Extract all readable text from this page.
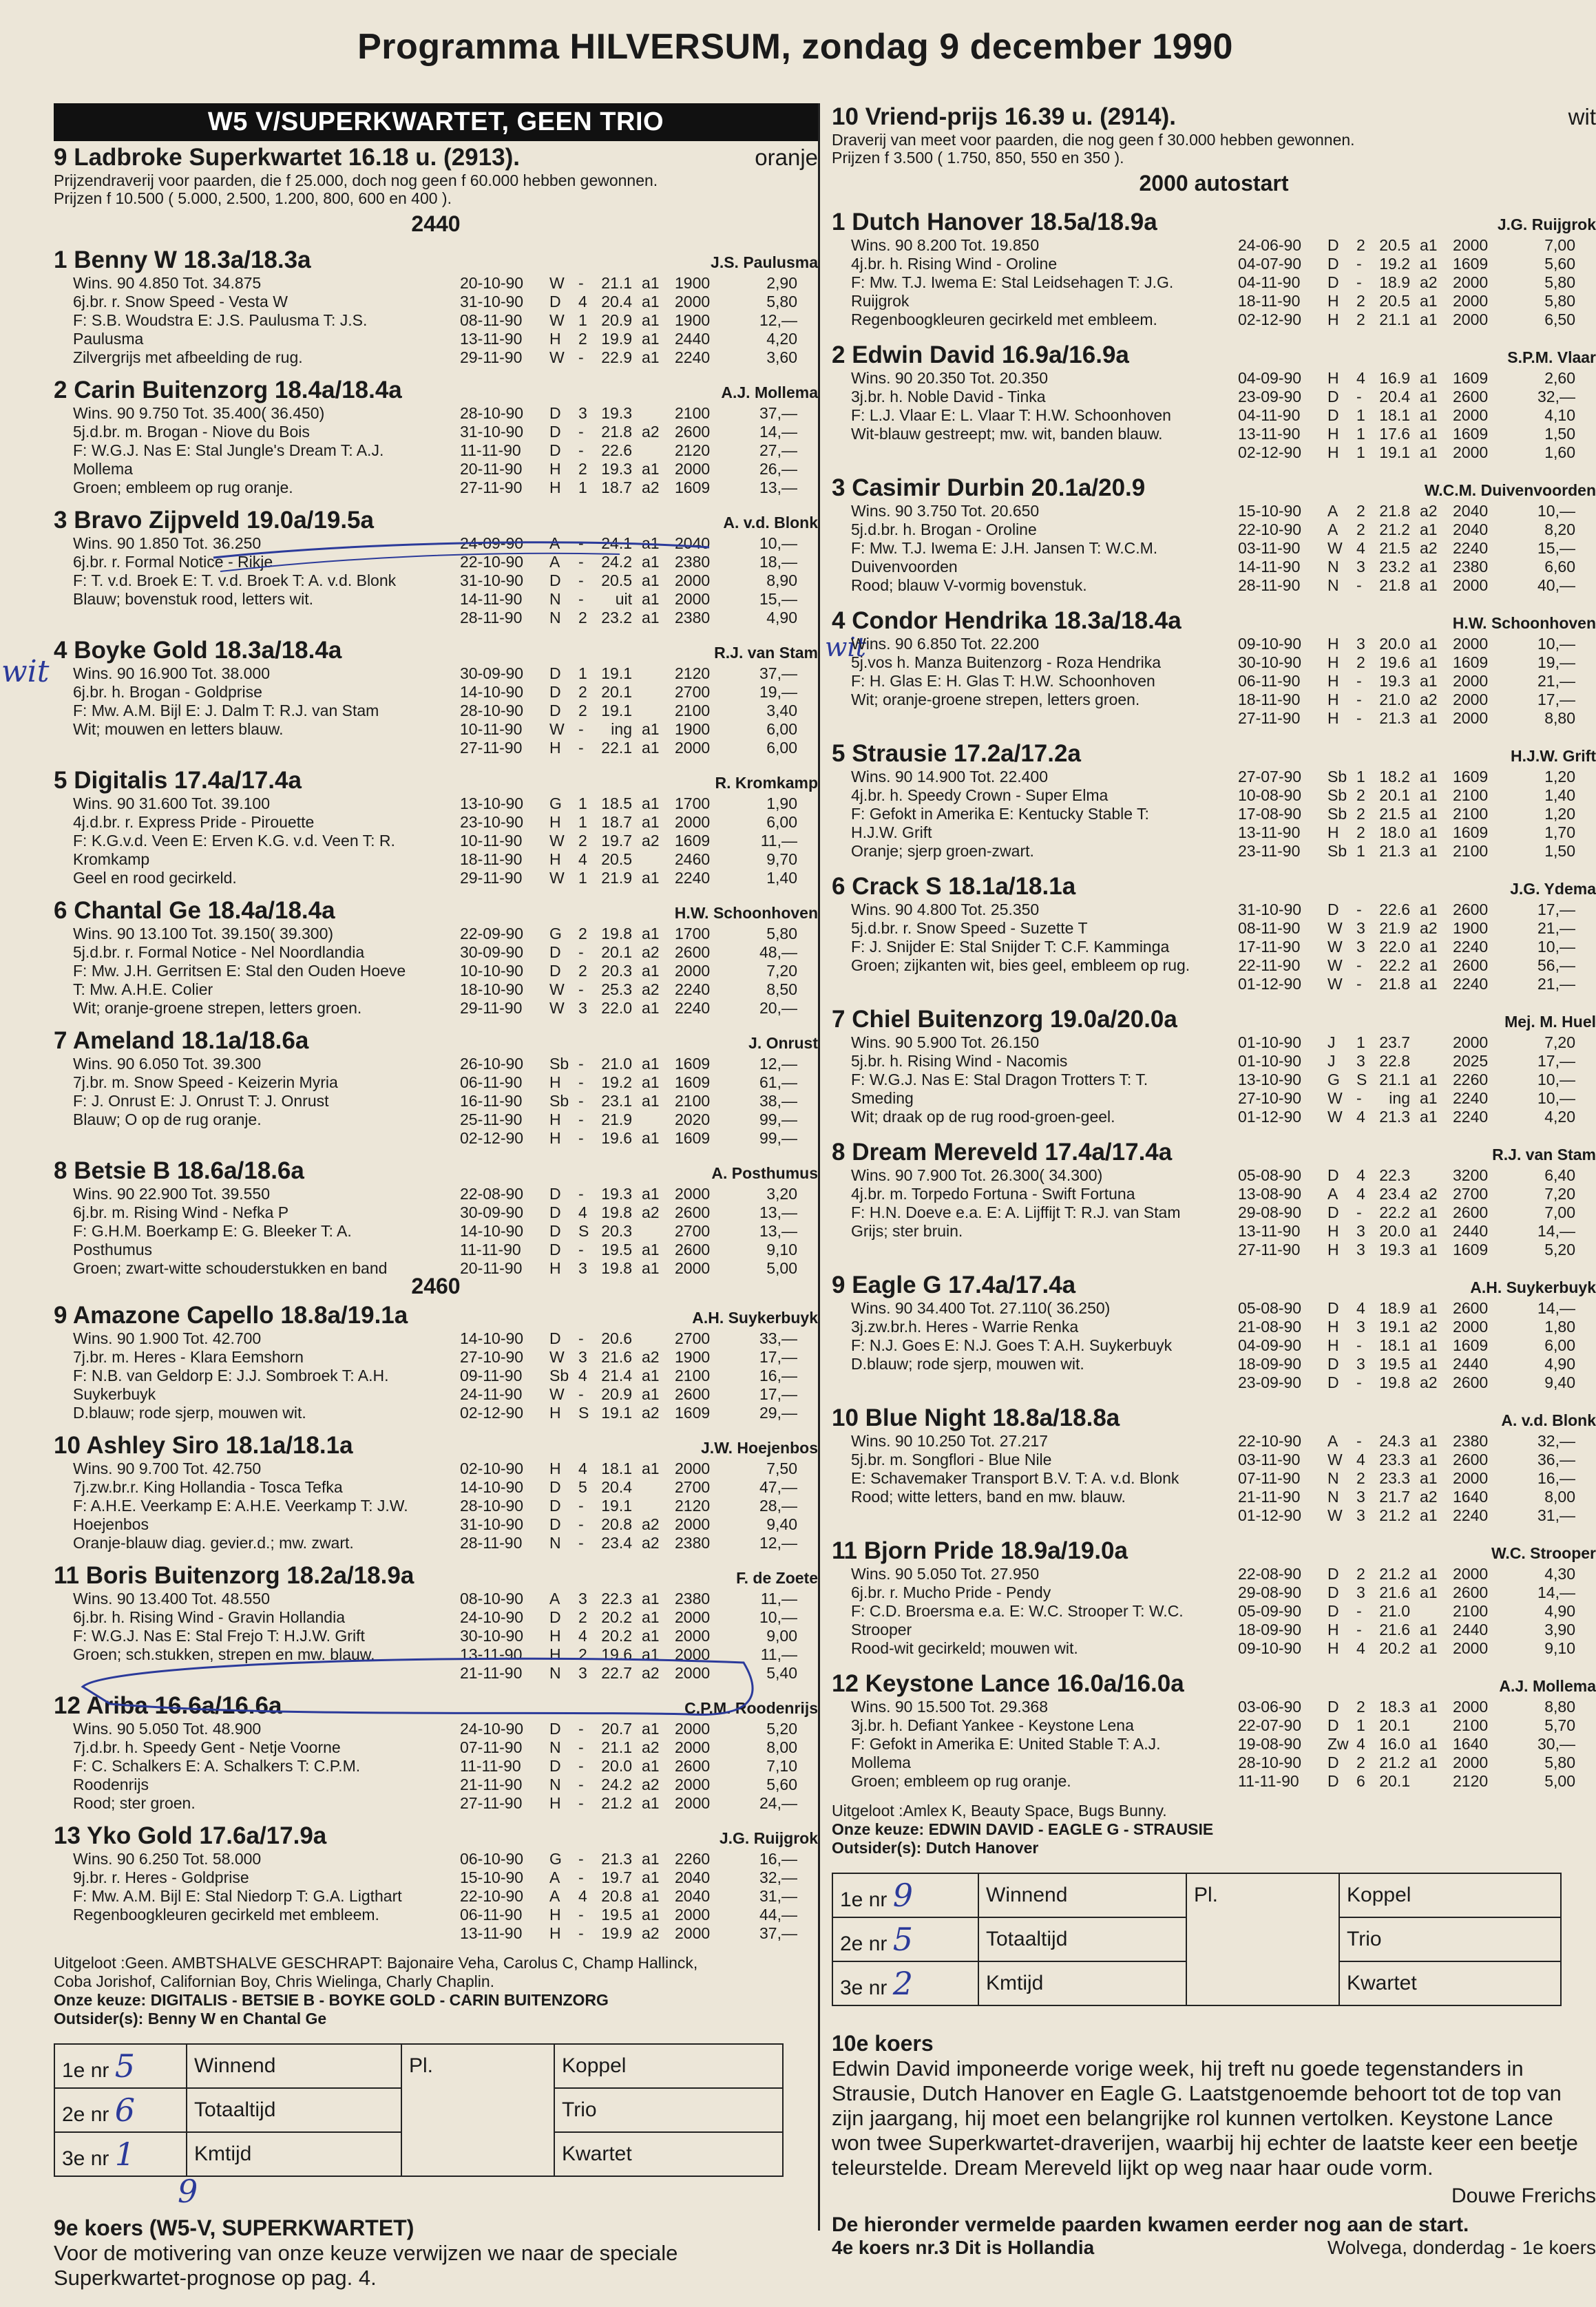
Programma HILVERSUM, zondag 9 december 1990
wit
wit
W5 V/SUPERKWARTET, GEEN TRIO
9 Ladbroke Superkwartet 16.18 u. (2913).	oranje
Prijzendraverij voor paarden, die f 25.000, doch nog geen f 60.000 hebben gewonnen.
Prijzen f 10.500 ( 5.000, 2.500, 1.200, 800, 600 en 400 ).
2440
1 Benny W 18.3a/18.3a	J.S. Paulusma
Wins. 90 4.850 Tot. 34.875
6j.br. r. Snow Speed - Vesta W
F: S.B. Woudstra E: J.S. Paulusma T: J.S.
Paulusma
Zilvergrijs met afbeelding de rug.
20-10-90	W -	21.1 a1 1900	2,90
31-10-90	D	4 20.4 a1 2000	5,80
08-11-90	W 1 20.9 a1 1900	12,—
13-11-90	H	2 19.9 a1 2440	4,20
29-11-90	W -	22.9 a1 2240	3,60
2 Carin Buitenzorg 18.4a/18.4a	A.J. Mollema
Wins. 90 9.750 Tot. 35.400( 36.450)
5j.d.br. m. Brogan - Niove du Bois
F: W.G.J. Nas E: Stal Jungle's Dream T: A.J.
Mollema
Groen; embleem op rug oranje.
28-10-90	D	3 19.3	2100	37,—
31-10-90	D	-	21.8 a2 2600	14,—
11-11-90	D	-	22.6	2120	27,—
20-11-90	H	2 19.3 a1 2000	26,—
27-11-90	H	1 18.7 a2 1609	13,—
3 Bravo Zijpveld 19.0a/19.5a	A. v.d. Blonk
Wins. 90 1.850 Tot. 36.250
6j.br. r. Formal Notice - Rikje
F: T. v.d. Broek E: T. v.d. Broek T: A. v.d. Blonk
Blauw; bovenstuk rood, letters wit.
24-09-90	A	-	24.1 a1 2040	10,—
22-10-90	A	-	24.2 a1 2380	18,—
31-10-90	D	-	20.5 a1 2000	8,90
14-11-90	N	-	uit a1 2000	15,—
28-11-90	N	2 23.2 a1 2380	4,90
4 Boyke Gold 18.3a/18.4a	R.J. van Stam
Wins. 90 16.900 Tot. 38.000
6j.br. h. Brogan - Goldprise
F: Mw. A.M. Bijl E: J. Dalm T: R.J. van Stam
Wit; mouwen en letters blauw.
30-09-90	D	1 19.1	2120	37,—
14-10-90	D	2 20.1	2700	19,—
28-10-90	D	2 19.1	2100	3,40
10-11-90	W -	ing a1 1900	6,00
27-11-90	H	-	22.1 a1 2000	6,00
5 Digitalis 17.4a/17.4a	R. Kromkamp
Wins. 90 31.600 Tot. 39.100
4j.d.br. r. Express Pride - Pirouette
F: K.G.v.d. Veen E: Erven K.G. v.d. Veen T: R.
Kromkamp
Geel en rood gecirkeld.
13-10-90	G	1 18.5 a1 1700	1,90
23-10-90	H	1 18.7 a1 2000	6,00
10-11-90	W 2 19.7 a2 1609	11,—
18-11-90	H	4 20.5	2460	9,70
29-11-90	W 1 21.9 a1 2240	1,40
6 Chantal Ge 18.4a/18.4a	H.W. Schoonhoven
Wins. 90 13.100 Tot. 39.150( 39.300)
5j.d.br. r. Formal Notice - Nel Noordlandia
F: Mw. J.H. Gerritsen E: Stal den Ouden Hoeve
T: Mw. A.H.E. Colier
Wit; oranje-groene strepen, letters groen.
22-09-90	G	2 19.8 a1 1700	5,80
30-09-90	D	-	20.1 a2 2600	48,—
10-10-90	D	2 20.3 a1 2000	7,20
18-10-90	W -	25.3 a2 2240	8,50
29-11-90	W 3 22.0 a1 2240	20,—
7 Ameland 18.1a/18.6a	J. Onrust
Wins. 90 6.050 Tot. 39.300
7j.br. m. Snow Speed - Keizerin Myria
F: J. Onrust E: J. Onrust T: J. Onrust
Blauw; O op de rug oranje.
26-10-90	Sb -	21.0 a1 1609	12,—
06-11-90	H	-	19.2 a1 1609	61,—
16-11-90	Sb -	23.1 a1 2100	38,—
25-11-90	H	-	21.9	2020	99,—
02-12-90	H	-	19.6 a1 1609	99,—
8 Betsie B 18.6a/18.6a	A. Posthumus
Wins. 90 22.900 Tot. 39.550
6j.br. m. Rising Wind - Nefka P
F: G.H.M. Boerkamp E: G. Bleeker T: A.
Posthumus
Groen; zwart-witte schouderstukken en band
22-08-90	D	-	19.3 a1 2000	3,20
30-09-90	D	4 19.8 a2 2600	13,—
14-10-90	D	S 20.3	2700	13,—
11-11-90	D	-	19.5 a1 2600	9,10
20-11-90	H	3 19.8 a1 2000	5,00
2460
9 Amazone Capello 18.8a/19.1a	A.H. Suykerbuyk
Wins. 90 1.900 Tot. 42.700
7j.br. m. Heres - Klara Eemshorn
F: N.B. van Geldorp E: J.J. Sombroek T: A.H.
Suykerbuyk
D.blauw; rode sjerp, mouwen wit.
14-10-90	D	-	20.6	2700	33,—
27-10-90	W 3 21.6 a2 1900	17,—
09-11-90	Sb 4 21.4 a1 2100	16,—
24-11-90	W -	20.9 a1 2600	17,—
02-12-90	H	S 19.1 a2 1609	29,—
10 Ashley Siro 18.1a/18.1a	J.W. Hoejenbos
Wins. 90 9.700 Tot. 42.750
7j.zw.br.r. King Hollandia - Tosca Tefka
F: A.H.E. Veerkamp E: A.H.E. Veerkamp T: J.W.
Hoejenbos
Oranje-blauw diag. gevier.d.; mw. zwart.
02-10-90	H	4 18.1 a1 2000	7,50
14-10-90	D	5 20.4	2700	47,—
28-10-90	D	-	19.1	2120	28,—
31-10-90	D	-	20.8 a2 2000	9,40
28-11-90	N	-	23.4 a2 2380	12,—
11 Boris Buitenzorg 18.2a/18.9a	F. de Zoete
Wins. 90 13.400 Tot. 48.550
6j.br. h. Rising Wind - Gravin Hollandia
F: W.G.J. Nas E: Stal Frejo T: H.J.W. Grift
Groen; sch.stukken, strepen en mw. blauw.
08-10-90	A	3 22.3 a1 2380	11,—
24-10-90	D	2 20.2 a1 2000	10,—
30-10-90	H	4 20.2 a1 2000	9,00
13-11-90	H	2 19.6 a1 2000	11,—
21-11-90	N	3 22.7 a2 2000	5,40
12 Ariba 16.6a/16.6a	C.P.M. Roodenrijs
Wins. 90 5.050 Tot. 48.900
7j.d.br. h. Speedy Gent - Netje Voorne
F: C. Schalkers E: A. Schalkers T: C.P.M.
Roodenrijs
Rood; ster groen.
24-10-90	D	-	20.7 a1 2000	5,20
07-11-90	N	-	21.1 a2 2000	8,00
11-11-90	D	-	20.0 a1 2600	7,10
21-11-90	N	-	24.2 a2 2000	5,60
27-11-90	H	-	21.2 a1 2000	24,—
13 Yko Gold 17.6a/17.9a	J.G. Ruijgrok
Wins. 90 6.250 Tot. 58.000
9j.br. r. Heres - Goldprise
F: Mw. A.M. Bijl E: Stal Niedorp T: G.A. Ligthart
Regenboogkleuren gecirkeld met embleem.
06-10-90	G	-	21.3 a1 2260	16,—
15-10-90	A	-	19.7 a1 2040	32,—
22-10-90	A	4 20.8 a1 2040	31,—
06-11-90	H	-	19.5 a1 2000	44,—
13-11-90	H	-	19.9 a2 2000	37,—
Uitgeloot :Geen. AMBTSHALVE GESCHRAPT: Bajonaire Veha, Carolus C, Champ Hallinck,
Coba Jorishof, Californian Boy, Chris Wielinga, Charly Chaplin.
Onze keuze: DIGITALIS - BETSIE B - BOYKE GOLD - CARIN BUITENZORG
Outsider(s): Benny W en Chantal Ge
1e nr 5	Winnend	Pl.	Koppel
2e nr 6	Totaaltijd		Trio
3e nr 1	Kmtijd		Kwartet
9
9e koers (W5-V, SUPERKWARTET)
Voor de motivering van onze keuze verwijzen we naar de speciale
Superkwartet-prognose op pag. 4.
10 Vriend-prijs 16.39 u. (2914).	wit
Draverij van meet voor paarden, die nog geen f 30.000 hebben gewonnen.
Prijzen f 3.500 ( 1.750, 850, 550 en 350 ).
2000 autostart
1 Dutch Hanover 18.5a/18.9a	J.G. Ruijgrok
Wins. 90 8.200 Tot. 19.850
4j.br. h. Rising Wind - Oroline
F: Mw. T.J. Iwema E: Stal Leidsehagen T: J.G.
Ruijgrok
Regenboogkleuren gecirkeld met embleem.
24-06-90	D	2 20.5 a1 2000	7,00
04-07-90	D	-	19.2 a1 1609	5,60
04-11-90	D	-	18.9 a2 2000	5,80
18-11-90	H	2 20.5 a1 2000	5,80
02-12-90	H	2 21.1 a1 2000	6,50
2 Edwin David 16.9a/16.9a	S.P.M. Vlaar
Wins. 90 20.350 Tot. 20.350
3j.br. h. Noble David - Tinka
F: L.J. Vlaar E: L. Vlaar T: H.W. Schoonhoven
Wit-blauw gestreept; mw. wit, banden blauw.
04-09-90	H	4 16.9 a1 1609	2,60
23-09-90	D	-	20.4 a1 2600	32,—
04-11-90	D	1 18.1 a1 2000	4,10
13-11-90	H	1 17.6 a1 1609	1,50
02-12-90	H	1 19.1 a1 2000	1,60
3 Casimir Durbin 20.1a/20.9	W.C.M. Duivenvoorden
Wins. 90 3.750 Tot. 20.650
5j.d.br. h. Brogan - Oroline
F: Mw. T.J. Iwema E: J.H. Jansen T: W.C.M.
Duivenvoorden
Rood; blauw V-vormig bovenstuk.
15-10-90	A	2 21.8 a2 2040	10,—
22-10-90	A	2 21.2 a1 2040	8,20
03-11-90	W 4 21.5 a2 2240	15,—
14-11-90	N	3 23.2 a1 2380	6,60
28-11-90	N	-	21.8 a1 2000	40,—
4 Condor Hendrika 18.3a/18.4a	H.W. Schoonhoven
Wins. 90 6.850 Tot. 22.200
5j.vos h. Manza Buitenzorg - Roza Hendrika
F: H. Glas E: H. Glas T: H.W. Schoonhoven
Wit; oranje-groene strepen, letters groen.
09-10-90	H	3 20.0 a1 2000	10,—
30-10-90	H	2 19.6 a1 1609	19,—
06-11-90	H	-	19.3 a1 2000	21,—
18-11-90	H	-	21.0 a2 2000	17,—
27-11-90	H	-	21.3 a1 2000	8,80
5 Strausie 17.2a/17.2a	H.J.W. Grift
Wins. 90 14.900 Tot. 22.400
4j.br. h. Speedy Crown - Super Elma
F: Gefokt in Amerika E: Kentucky Stable T:
H.J.W. Grift
Oranje; sjerp groen-zwart.
27-07-90	Sb 1 18.2 a1 1609	1,20
10-08-90	Sb 2 20.1 a1 2100	1,40
17-08-90	Sb 2 21.5 a1 2100	1,20
13-11-90	H	2 18.0 a1 1609	1,70
23-11-90	Sb 1 21.3 a1 2100	1,50
6 Crack S 18.1a/18.1a	J.G. Ydema
Wins. 90 4.800 Tot. 25.350
5j.d.br. r. Snow Speed - Suzette T
F: J. Snijder E: Stal Snijder T: C.F. Kamminga
Groen; zijkanten wit, bies geel, embleem op rug.
31-10-90	D	-	22.6 a1 2600	17,—
08-11-90	W 3 21.9 a2 1900	21,—
17-11-90	W 3 22.0 a1 2240	10,—
22-11-90	W -	22.2 a1 2600	56,—
01-12-90	W -	21.8 a1 2240	21,—
7 Chiel Buitenzorg 19.0a/20.0a	Mej. M. Huel
Wins. 90 5.900 Tot. 26.150
5j.br. h. Rising Wind - Nacomis
F: W.G.J. Nas E: Stal Dragon Trotters T: T.
Smeding
Wit; draak op de rug rood-groen-geel.
01-10-90	J	1 23.7	2000	7,20
01-10-90	J	3 22.8	2025	17,—
13-10-90	G	S 21.1 a1 2260	10,—
27-10-90	W -	ing a1 2240	10,—
01-12-90	W 4 21.3 a1 2240	4,20
8 Dream Mereveld 17.4a/17.4a	R.J. van Stam
Wins. 90 7.900 Tot. 26.300( 34.300)
4j.br. m. Torpedo Fortuna - Swift Fortuna
F: H.N. Doeve e.a. E: A. Lijffijt T: R.J. van Stam
Grijs; ster bruin.
05-08-90	D	4 22.3	3200	6,40
13-08-90	A	4 23.4 a2 2700	7,20
29-08-90	D	-	22.2 a1 2600	7,00
13-11-90	H	3 20.0 a1 2440	14,—
27-11-90	H	3 19.3 a1 1609	5,20
9 Eagle G 17.4a/17.4a	A.H. Suykerbuyk
Wins. 90 34.400 Tot. 27.110( 36.250)
3j.zw.br.h. Heres - Warrie Renka
F: N.J. Goes E: N.J. Goes T: A.H. Suykerbuyk
D.blauw; rode sjerp, mouwen wit.
05-08-90	D	4 18.9 a1 2600	14,—
21-08-90	H	3 19.1 a2 2000	1,80
04-09-90	H	-	18.1 a1 1609	6,00
18-09-90	D	3 19.5 a1 2440	4,90
23-09-90	D	-	19.8 a2 2600	9,40
10 Blue Night 18.8a/18.8a	A. v.d. Blonk
Wins. 90 10.250 Tot. 27.217
5j.br. m. Songflori - Blue Nile
E: Schavemaker Transport B.V. T: A. v.d. Blonk
Rood; witte letters, band en mw. blauw.
22-10-90	A	-	24.3 a1 2380	32,—
03-11-90	W 4 23.3 a1 2600	36,—
07-11-90	N	2 23.3 a1 2000	16,—
21-11-90	N	3 21.7 a2 1640	8,00
01-12-90	W 3 21.2 a1 2240	31,—
11 Bjorn Pride 18.9a/19.0a	W.C. Strooper
Wins. 90 5.050 Tot. 27.950
6j.br. r. Mucho Pride - Pendy
F: C.D. Broersma e.a. E: W.C. Strooper T: W.C.
Strooper
Rood-wit gecirkeld; mouwen wit.
22-08-90	D	2 21.2 a1 2000	4,30
29-08-90	D	3 21.6 a1 2600	14,—
05-09-90	D	-	21.0	2100	4,90
18-09-90	H	-	21.6 a1 2440	3,90
09-10-90	H	4 20.2 a1 2000	9,10
12 Keystone Lance 16.0a/16.0a	A.J. Mollema
Wins. 90 15.500 Tot. 29.368
3j.br. h. Defiant Yankee - Keystone Lena
F: Gefokt in Amerika E: United Stable T: A.J.
Mollema
Groen; embleem op rug oranje.
03-06-90	D	2 18.3 a1 2000	8,80
22-07-90	D	1 20.1	2100	5,70
19-08-90	Zw 4 16.0 a1 1640	30,—
28-10-90	D	2 21.2 a1 2000	5,80
11-11-90	D	6 20.1	2120	5,00
Uitgeloot :Amlex K, Beauty Space, Bugs Bunny.
Onze keuze: EDWIN DAVID - EAGLE G - STRAUSIE
Outsider(s): Dutch Hanover
1e nr 9	Winnend	Pl.	Koppel
2e nr 5	Totaaltijd		Trio
3e nr 2	Kmtijd		Kwartet
10e koers
Edwin David imponeerde vorige week, hij treft nu goede tegenstanders in Strausie, Dutch Hanover en Eagle G. Laatstgenoemde behoort tot de top van zijn jaargang, hij moet een belangrijke rol kunnen vertolken. Keystone Lance won twee Superkwartet-draverijen, waarbij hij echter de laatste keer een beetje teleurstelde. Dream Mereveld lijkt op weg naar haar oude vorm.
Douwe Frerichs
De hieronder vermelde paarden kwamen eerder nog aan de start.
4e koers nr.3 Dit is Hollandia	Wolvega, donderdag - 1e koers
